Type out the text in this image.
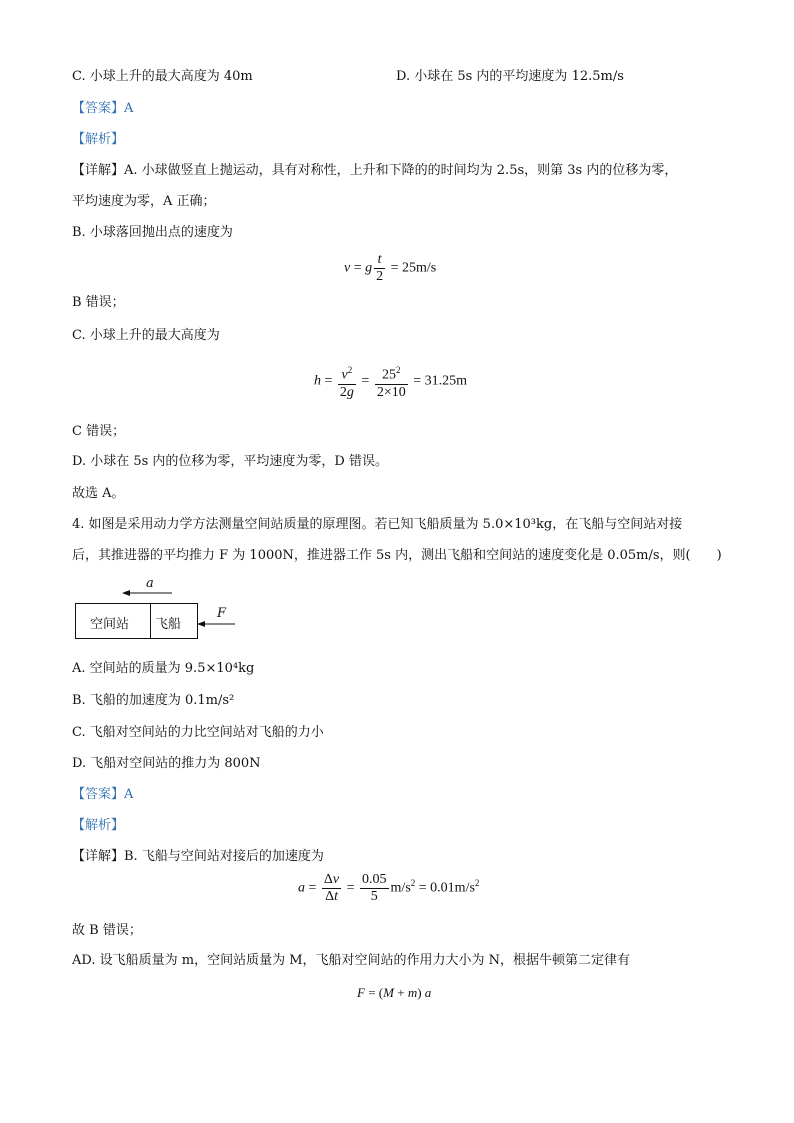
C. 小球上升的最大高度为 40m	D. 小球在 5s 内的平均速度为 12.5m/s
【答案】A
【解析】
【详解】A. 小球做竖直上抛运动，具有对称性，上升和下降的的时间均为 2.5s，则第 3s 内的位移为零，
平均速度为零，A 正确；
B. 小球落回抛出点的速度为
v = g $\frac{t}{2} = 25m/s$
B 错误；
C. 小球上升的最大高度为
$h = \frac{v^2}{2g} = \frac{25^2}{2\times 10} = 31.25m$
C 错误；
D. 小球在 5s 内的位移为零，平均速度为零，D 错误。
故选 A。
4. 如图是采用动力学方法测量空间站质量的原理图。若已知飞船质量为 5.0×10³kg，在飞船与空间站对接
后，其推进器的平均推力 F 为 1000N，推进器工作 5s 内，测出飞船和空间站的速度变化是 0.05m/s，则(　　)
a
空间站 飞船
F
A. 空间站的质量为 9.5×10⁴kg
B. 飞船的加速度为 0.1m/s²
C. 飞船对空间站的力比空间站对飞船的力小
D. 飞船对空间站的推力为 800N
【答案】A
【解析】
【详解】B. 飞船与空间站对接后的加速度为
$a = \frac{\Delta v}{\Delta t} = \frac{0.05}{5} m/s^2 = 0.01m/s^2$
故 B 错误；
AD. 设飞船质量为 m，空间站质量为 M，飞船对空间站的作用力大小为 N，根据牛顿第二定律有
F = (M + m) a
